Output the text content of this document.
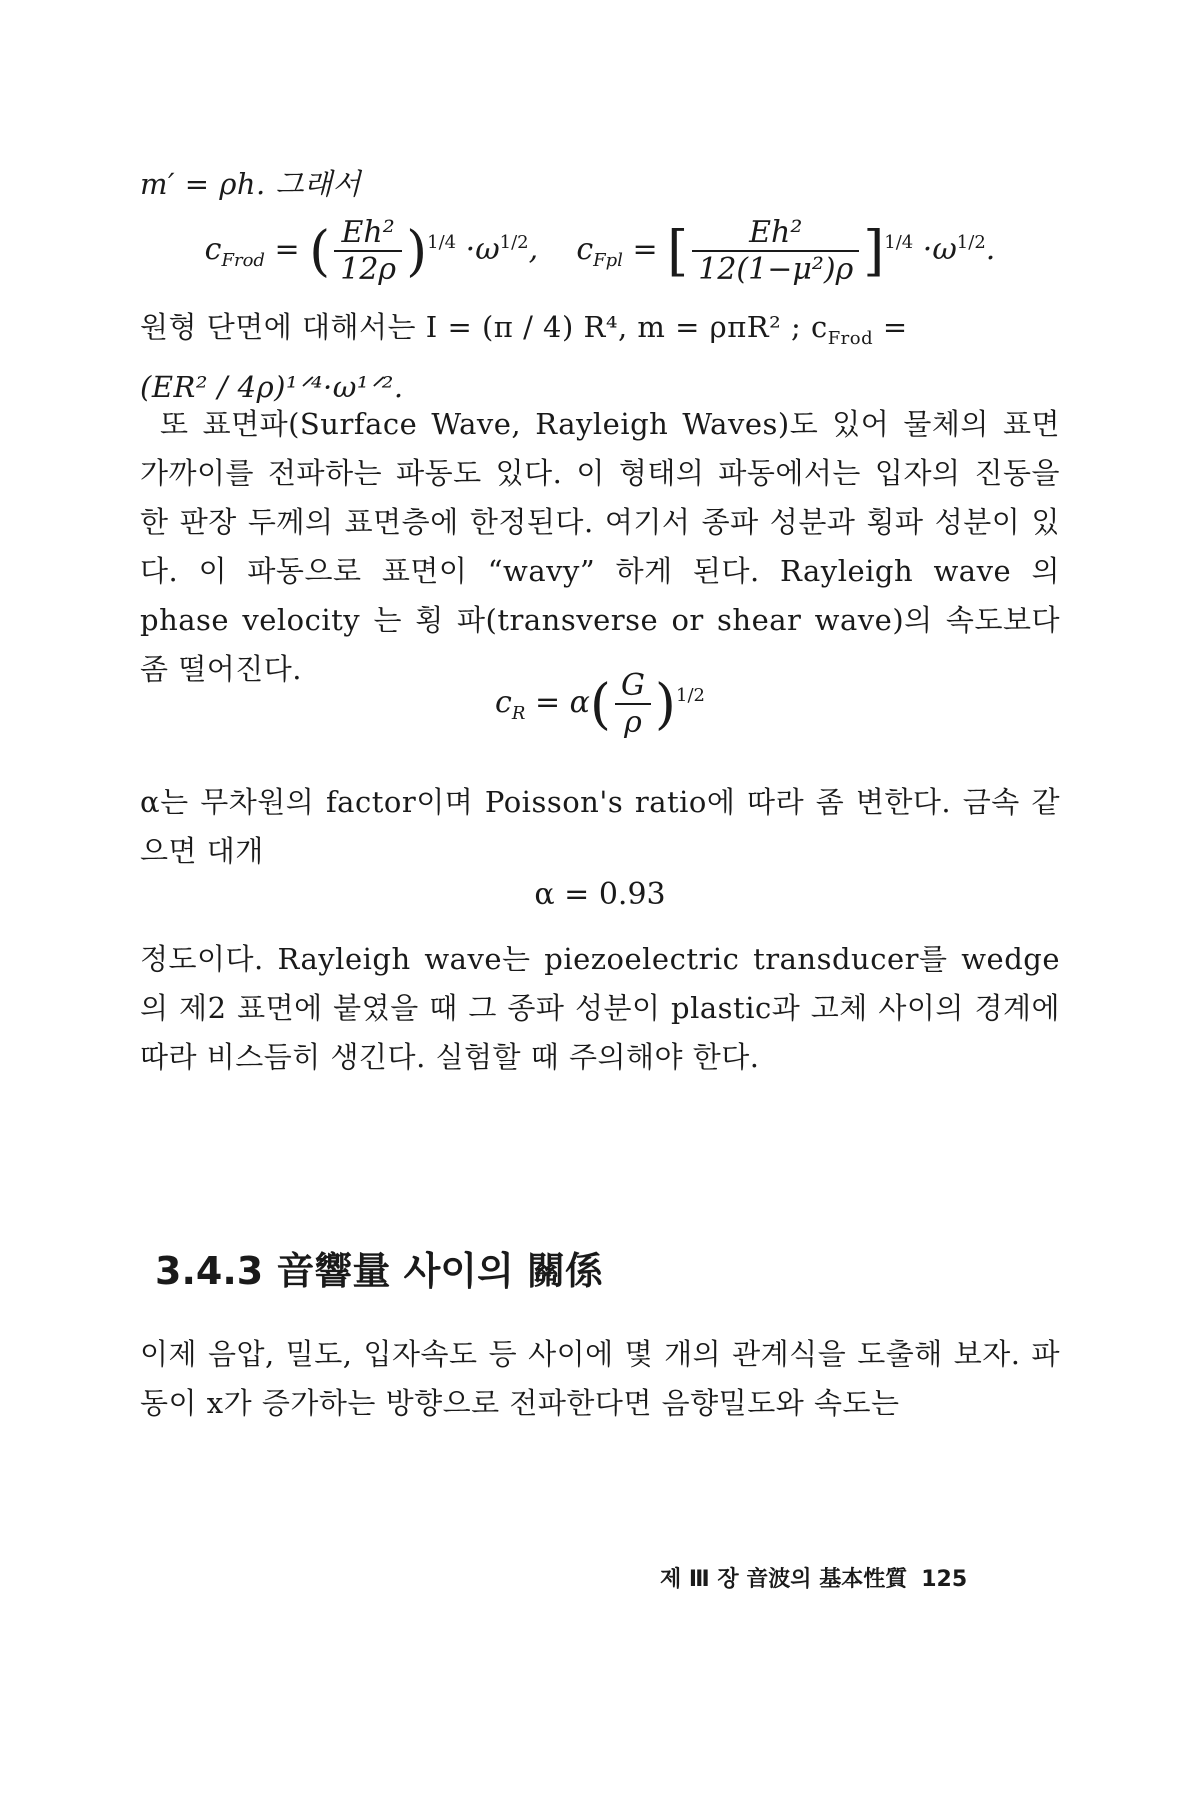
m′ = ρh. 그래서
$c_{Frod}$ = ( $\frac{\text{Eh²}}{12\rho} )^{1/4} \cdot\omega^{1/2}$, $c_{Fpl}$ = [ $\frac{\text{Eh²}}{\text{12(1−μ²)ρ}} ]^{1/4} \cdot\omega^{1/2}$.
원형 단면에 대해서는 I = (π / 4) R⁴, m = ρπR² ; $c_{Frod}$ =
(ER² / 4ρ)¹ᐟ⁴·ω¹ᐟ².
또 표면파(Surface Wave, Rayleigh Waves)도 있어 물체의 표면 가까이를 전파하는 파동도 있다. 이 형태의 파동에서는 입자의 진동을 한 판장 두께의 표면층에 한정된다. 여기서 종파 성분과 횡파 성분이 있다. 이 파동으로 표면이 “wavy” 하게 된다. Rayleigh wave 의 phase velocity 는 횡 파(transverse or shear wave)의 속도보다 좀 떨어진다.
$c_R = \alpha( \frac{G}{\rho} )^{1/2}$
α는 무차원의 factor이며 Poisson's ratio에 따라 좀 변한다. 금속 같으면 대개
α = 0.93
정도이다. Rayleigh wave는 piezoelectric transducer를 wedge의 제2 표면에 붙였을 때 그 종파 성분이 plastic과 고체 사이의 경계에 따라 비스듬히 생긴다. 실험할 때 주의해야 한다.
3.4.3 音響量 사이의 關係
이제 음압, 밀도, 입자속도 등 사이에 몇 개의 관계식을 도출해 보자. 파동이 x가 증가하는 방향으로 전파한다면 음향밀도와 속도는
제 Ⅲ 장 音波의 基本性質 125
